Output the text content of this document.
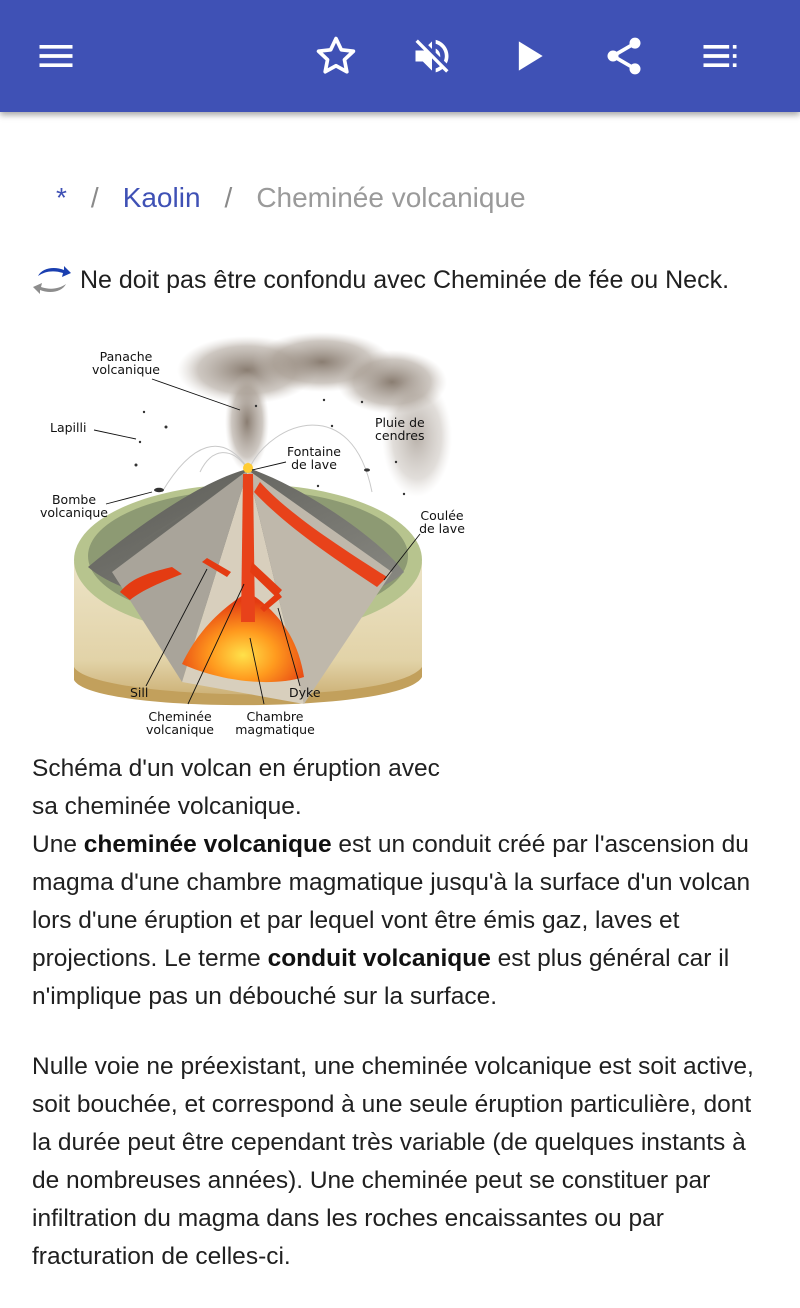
* / Kaolin / Cheminée volcanique
Ne doit pas être confondu avec Cheminée de fée ou Neck.
Panache
volcanique
Lapilli
Bombe
volcanique
Pluie de
cendres
Fontaine
de lave
Coulée
de lave
Sill	Dyke
Cheminée
volcanique
Chambre
magmatique
Schéma d'un volcan en éruption avec
sa cheminée volcanique.

Une cheminée volcanique est un conduit créé par l'ascension du magma d'une chambre magmatique jusqu'à la surface d'un volcan lors d'une éruption et par lequel vont être émis gaz, laves et projections. Le terme conduit volcanique est plus général car il n'implique pas un débouché sur la surface.

Nulle voie ne préexistant, une cheminée volcanique est soit active, soit bouchée, et correspond à une seule éruption particulière, dont la durée peut être cependant très variable (de quelques instants à de nombreuses années). Une cheminée peut se constituer par infiltration du magma dans les roches encaissantes ou par fracturation de celles-ci.
